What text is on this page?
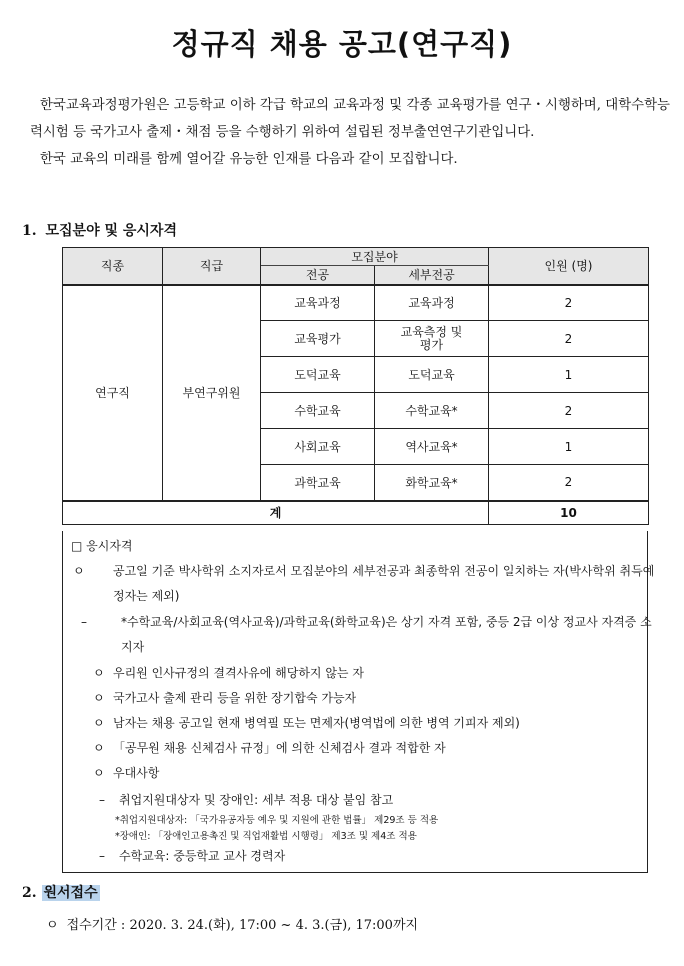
정규직 채용 공고(연구직)

한국교육과정평가원은 고등학교 이하 각급 학교의 교육과정 및 각종 교육평가를 연구・시행하며, 대학수학능력시험 등 국가고사 출제・채점 등을 수행하기 위하여 설립된 정부출연연구기관입니다.

한국 교육의 미래를 함께 열어갈 유능한 인재를 다음과 같이 모집합니다.

1. 모집분야 및 응시자격
직종	직급	모집분야		인원 (명)
		전공	세부전공	
연구직	부연구위원	교육과정	교육과정	2
		교육평가	교육측정 및 평가	2
		도덕교육	도덕교육	1
		수학교육	수학교육*	2
		사회교육	역사교육*	1
		과학교육	화학교육*	2
계				10
□ 응시자격
ㅇ 공고일 기준 박사학위 소지자로서 모집분야의 세부전공과 최종학위 전공이 일치하는 자(박사학위 취득예정자는 제외)
–	*수학교육/사회교육(역사교육)/과학교육(화학교육)은 상기 자격 포함, 중등 2급 이상 정교사 자격증 소지자
ㅇ 우리원 인사규정의 결격사유에 해당하지 않는 자
ㅇ 국가고사 출제 관리 등을 위한 장기합숙 가능자
ㅇ 남자는 채용 공고일 현재 병역필 또는 면제자(병역법에 의한 병역 기피자 제외)
ㅇ 「공무원 채용 신체검사 규정」에 의한 신체검사 결과 적합한 자
ㅇ 우대사항
– 취업지원대상자 및 장애인: 세부 적용 대상 붙임 참고
*취업지원대상자: 「국가유공자등 예우 및 지원에 관한 법률」 제29조 등 적용
*장애인: 「장애인고용촉진 및 직업재활법 시행령」 제3조 및 제4조 적용
– 수학교육: 중등학교 교사 경력자
2. 원서접수
ㅇ 접수기간 : 2020. 3. 24.(화), 17:00 ~ 4. 3.(금), 17:00까지
